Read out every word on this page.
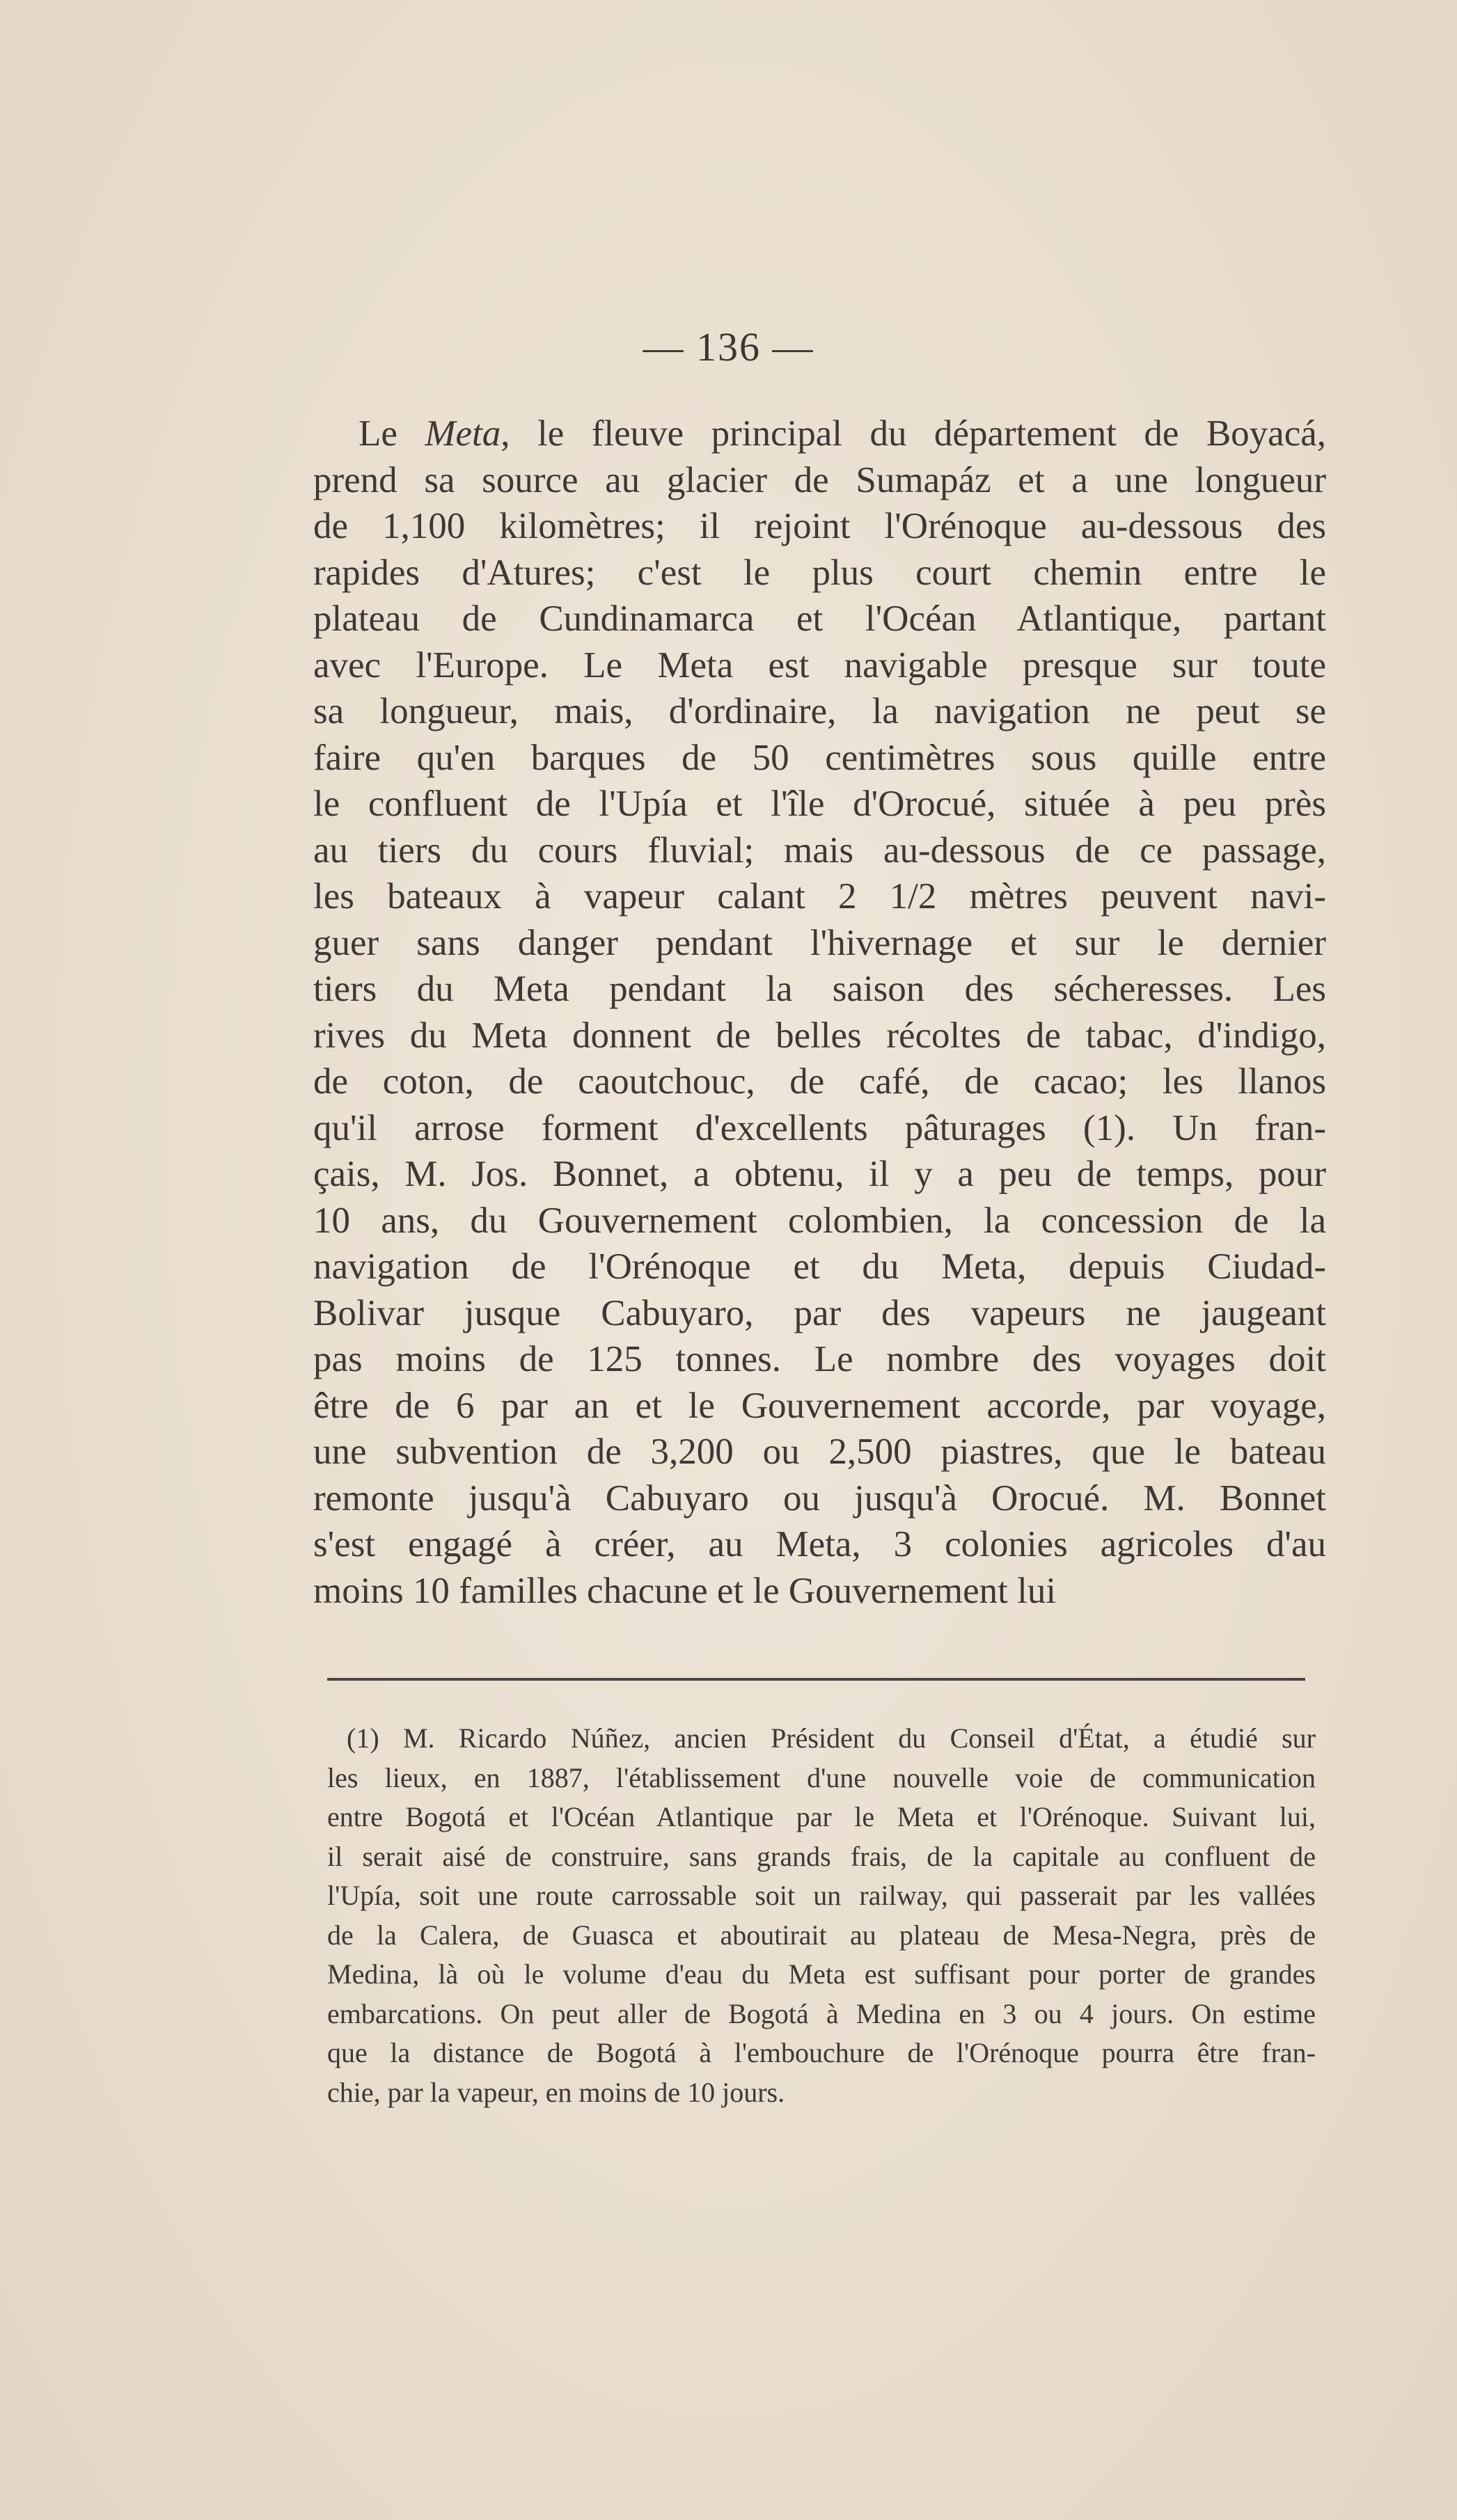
— 136 —
Le Meta, le fleuve principal du département de Boyacá,
prend sa source au glacier de Sumapáz et a une longueur
de 1,100 kilomètres; il rejoint l'Orénoque au-dessous des
rapides d'Atures; c'est le plus court chemin entre le
plateau de Cundinamarca et l'Océan Atlantique, partant
avec l'Europe. Le Meta est navigable presque sur toute
sa longueur, mais, d'ordinaire, la navigation ne peut se
faire qu'en barques de 50 centimètres sous quille entre
le confluent de l'Upía et l'île d'Orocué, située à peu près
au tiers du cours fluvial; mais au-dessous de ce passage,
les bateaux à vapeur calant 2 1/2 mètres peuvent navi-
guer sans danger pendant l'hivernage et sur le dernier
tiers du Meta pendant la saison des sécheresses. Les
rives du Meta donnent de belles récoltes de tabac, d'indigo,
de coton, de caoutchouc, de café, de cacao; les llanos
qu'il arrose forment d'excellents pâturages (1). Un fran-
çais, M. Jos. Bonnet, a obtenu, il y a peu de temps, pour
10 ans, du Gouvernement colombien, la concession de la
navigation de l'Orénoque et du Meta, depuis Ciudad-
Bolivar jusque Cabuyaro, par des vapeurs ne jaugeant
pas moins de 125 tonnes. Le nombre des voyages doit
être de 6 par an et le Gouvernement accorde, par voyage,
une subvention de 3,200 ou 2,500 piastres, que le bateau
remonte jusqu'à Cabuyaro ou jusqu'à Orocué. M. Bonnet
s'est engagé à créer, au Meta, 3 colonies agricoles d'au
moins 10 familles chacune et le Gouvernement lui
(1) M. Ricardo Núñez, ancien Président du Conseil d'État, a étudié sur
les lieux, en 1887, l'établissement d'une nouvelle voie de communication
entre Bogotá et l'Océan Atlantique par le Meta et l'Orénoque. Suivant lui,
il serait aisé de construire, sans grands frais, de la capitale au confluent de
l'Upía, soit une route carrossable soit un railway, qui passerait par les vallées
de la Calera, de Guasca et aboutirait au plateau de Mesa-Negra, près de
Medina, là où le volume d'eau du Meta est suffisant pour porter de grandes
embarcations. On peut aller de Bogotá à Medina en 3 ou 4 jours. On estime
que la distance de Bogotá à l'embouchure de l'Orénoque pourra être fran-
chie, par la vapeur, en moins de 10 jours.
